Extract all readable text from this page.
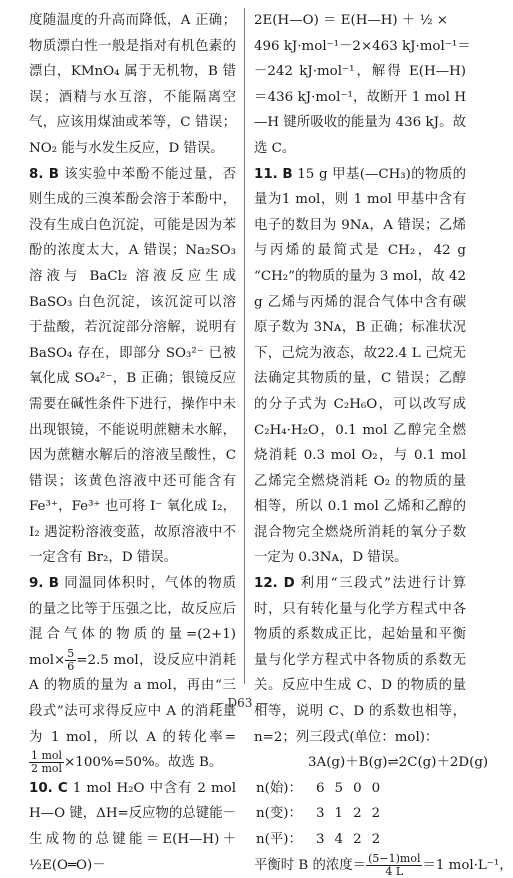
度随温度的升高而降低，A 正确；物质漂白性一般是指对有机色素的漂白，KMnO₄ 属于无机物，B 错误；酒精与水互溶，不能隔离空气，应该用煤油或苯等，C 错误；NO₂ 能与水发生反应，D 错误。

8. B 该实验中苯酚不能过量，否则生成的三溴苯酚会溶于苯酚中，没有生成白色沉淀，可能是因为苯酚的浓度太大，A 错误；Na₂SO₃ 溶液与 BaCl₂ 溶液反应生成 BaSO₃ 白色沉淀，该沉淀可以溶于盐酸，若沉淀部分溶解，说明有 BaSO₄ 存在，即部分 SO₃²⁻ 已被氧化成 SO₄²⁻，B 正确；银镜反应需要在碱性条件下进行，操作中未出现银镜，不能说明蔗糖未水解，因为蔗糖水解后的溶液呈酸性，C 错误；该黄色溶液中还可能含有 Fe³⁺，Fe³⁺ 也可将 I⁻ 氧化成 I₂，I₂ 遇淀粉溶液变蓝，故原溶液中不一定含有 Br₂，D 错误。

9. B 同温同体积时，气体的物质的量之比等于压强之比，故反应后混合气体的物质的量=(2+1) $mol\times \frac{5}{6} =2.5$ mol，设反应中消耗 A 的物质的量为 a mol，再由“三段式”法可求得反应中 A 的消耗量为 1 mol，所以 A 的转化率=
$\frac{\text{1 mol}}{\text{2 mol}} \times 100\%=50\%$。故选 B。

10. C 1 mol H₂O 中含有 2 mol H—O 键，ΔH=反应物的总键能－生成物的总键能＝E(H—H)＋½E(O═O)－

2E(H—O) ＝ E(H—H) ＋ ½ ×

496 kJ·mol⁻¹－2×463 kJ·mol⁻¹＝

－242 kJ·mol⁻¹，解得 E(H—H)＝436 kJ·mol⁻¹，故断开 1 mol H—H 键所吸收的能量为 436 kJ。故选 C。

11. B 15 g 甲基(—CH₃)的物质的量为1 mol，则 1 mol 甲基中含有电子的数目为 9Nᴀ，A 错误；乙烯与丙烯的最简式是 CH₂，42 g “CH₂”的物质的量为 3 mol，故 42 g 乙烯与丙烯的混合气体中含有碳原子数为 3Nᴀ，B 正确；标准状况下，己烷为液态，故22.4 L 己烷无法确定其物质的量，C 错误；乙醇的分子式为 C₂H₆O，可以改写成 C₂H₄·H₂O，0.1 mol 乙醇完全燃烧消耗 0.3 mol O₂，与 0.1 mol 乙烯完全燃烧消耗 O₂ 的物质的量相等，所以 0.1 mol 乙烯和乙醇的混合物完全燃烧所消耗的氧分子数一定为 0.3Nᴀ，D 错误。

12. D 利用“三段式”法进行计算时，只有转化量与化学方程式中各物质的系数成正比，起始量和平衡量与化学方程式中各物质的系数无关。反应中生成 C、D 的物质的量相等，说明 C、D 的系数也相等，n=2；列三段式(单位：mol)：

3A(g)＋B(g)⇌2C(g)＋2D(g)

n(始)：	6	5	0	0
n(变)：	3	1	2	2
n(平)：	3	4	2	2

平衡时 B 的浓度＝ $\frac{\text{(5−1)mol}}{4 L} =1$ mol·L⁻¹，

— D63 —
